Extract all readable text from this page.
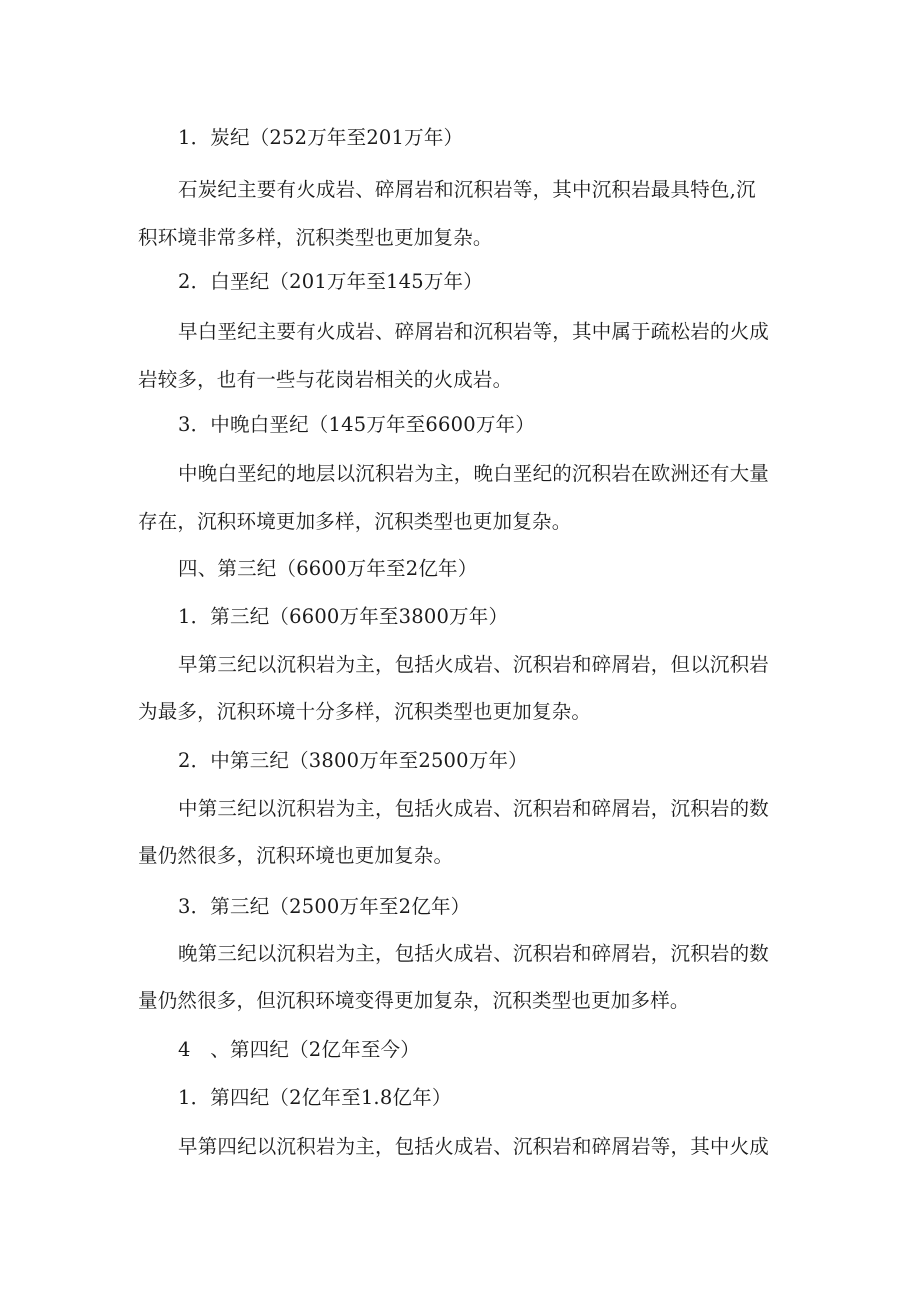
1．炭纪（252万年至201万年）
石炭纪主要有火成岩、碎屑岩和沉积岩等，其中沉积岩最具特色,沉
积环境非常多样，沉积类型也更加复杂。
2．白垩纪（201万年至145万年）
早白垩纪主要有火成岩、碎屑岩和沉积岩等，其中属于疏松岩的火成
岩较多，也有一些与花岗岩相关的火成岩。
3．中晚白垩纪（145万年至6600万年）
中晚白垩纪的地层以沉积岩为主，晚白垩纪的沉积岩在欧洲还有大量
存在，沉积环境更加多样，沉积类型也更加复杂。
四、第三纪（6600万年至2亿年）
1．第三纪（6600万年至3800万年）
早第三纪以沉积岩为主，包括火成岩、沉积岩和碎屑岩，但以沉积岩
为最多，沉积环境十分多样，沉积类型也更加复杂。
2．中第三纪（3800万年至2500万年）
中第三纪以沉积岩为主，包括火成岩、沉积岩和碎屑岩，沉积岩的数
量仍然很多，沉积环境也更加复杂。
3．第三纪（2500万年至2亿年）
晚第三纪以沉积岩为主，包括火成岩、沉积岩和碎屑岩，沉积岩的数
量仍然很多，但沉积环境变得更加复杂，沉积类型也更加多样。
4　、第四纪（2亿年至今）
1．第四纪（2亿年至1.8亿年）
早第四纪以沉积岩为主，包括火成岩、沉积岩和碎屑岩等，其中火成
